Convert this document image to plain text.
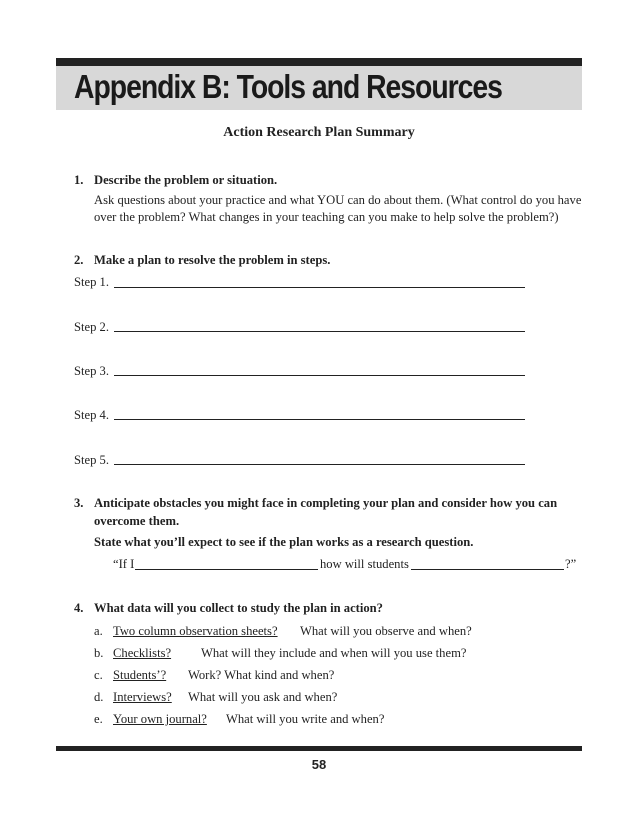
Appendix B: Tools and Resources
Action Research Plan Summary
1. Describe the problem or situation.
Ask questions about your practice and what YOU can do about them. (What control do you have
over the problem? What changes in your teaching can you make to help solve the problem?)
2. Make a plan to resolve the problem in steps.
Step 1.
Step 2.
Step 3.
Step 4.
Step 5.
3. Anticipate obstacles you might face in completing your plan and consider how you can
overcome them.
State what you’ll expect to see if the plan works as a research question.
“If I	how will students	?”
4. What data will you collect to study the plan in action?
a. Two column observation sheets? What will you observe and when?
b. Checklists? What will they include and when will you use them?
c. Students’? Work? What kind and when?
d. Interviews? What will you ask and when?
e. Your own journal? What will you write and when?
58
